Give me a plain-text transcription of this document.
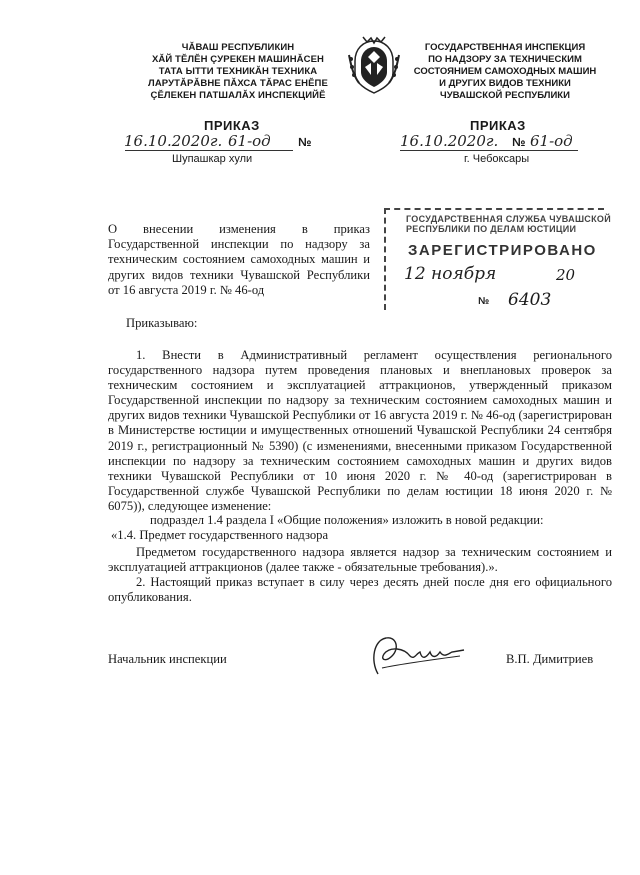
ЧĂВАШ РЕСПУБЛИКИН
ХĂЙ ТĔЛĔН ÇУРЕКЕН МАШИНĂСЕН
ТАТА ЫТТИ ТЕХНИКĂН ТЕХНИКА
ЛАРУТĂРĂВНЕ ПĂХСА ТĂРАС ЕНĔПЕ
ÇĔЛЕКЕН ПАТШАЛĂХ ИНСПЕКЦИЙĔ
ГОСУДАРСТВЕННАЯ ИНСПЕКЦИЯ
ПО НАДЗОРУ ЗА ТЕХНИЧЕСКИМ
СОСТОЯНИЕМ САМОХОДНЫХ МАШИН
И ДРУГИХ ВИДОВ ТЕХНИКИ
ЧУВАШСКОЙ РЕСПУБЛИКИ
ПРИКАЗ
16.10.2020г. 61-од №
Шупашкар хули
ПРИКАЗ
16.10.2020г. № 61-од
г. Чебоксары
О внесении изменения в приказ Государственной инспекции по надзору за техническим состоянием самоходных машин и других видов техники Чувашской Республики от 16 августа 2019 г. № 46-од
ГОСУДАРСТВЕННАЯ СЛУЖБА ЧУВАШСКОЙ
РЕСПУБЛИКИ ПО ДЕЛАМ ЮСТИЦИИ
ЗАРЕГИСТРИРОВАНО
12 ноября	20
№ 6403
Приказываю:
1. Внести в Административный регламент осуществления регионального государственного надзора путем проведения плановых и внеплановых проверок за техническим состоянием и эксплуатацией аттракционов, утвержденный приказом Государственной инспекции по надзору за техническим состоянием самоходных машин и других видов техники Чувашской Республики от 16 августа 2019 г. № 46-од (зарегистрирован в Министерстве юстиции и имущественных отношений Чувашской Республики 24 сентября 2019 г., регистрационный № 5390) (с изменениями, внесенными приказом Государственной инспекции по надзору за техническим состоянием самоходных машин и других видов техники Чувашской Республики от 10 июня 2020 г. № 40-од (зарегистрирован в Государственной службе Чувашской Республики по делам юстиции 18 июня 2020 г. № 6075)), следующее изменение:
подраздел 1.4 раздела I «Общие положения» изложить в новой редакции:
«1.4. Предмет государственного надзора
Предметом государственного надзора является надзор за техническим состоянием и эксплуатацией аттракционов (далее также - обязательные требования).».
2. Настоящий приказ вступает в силу через десять дней после дня его официального опубликования.
Начальник инспекции	В.П. Димитриев
